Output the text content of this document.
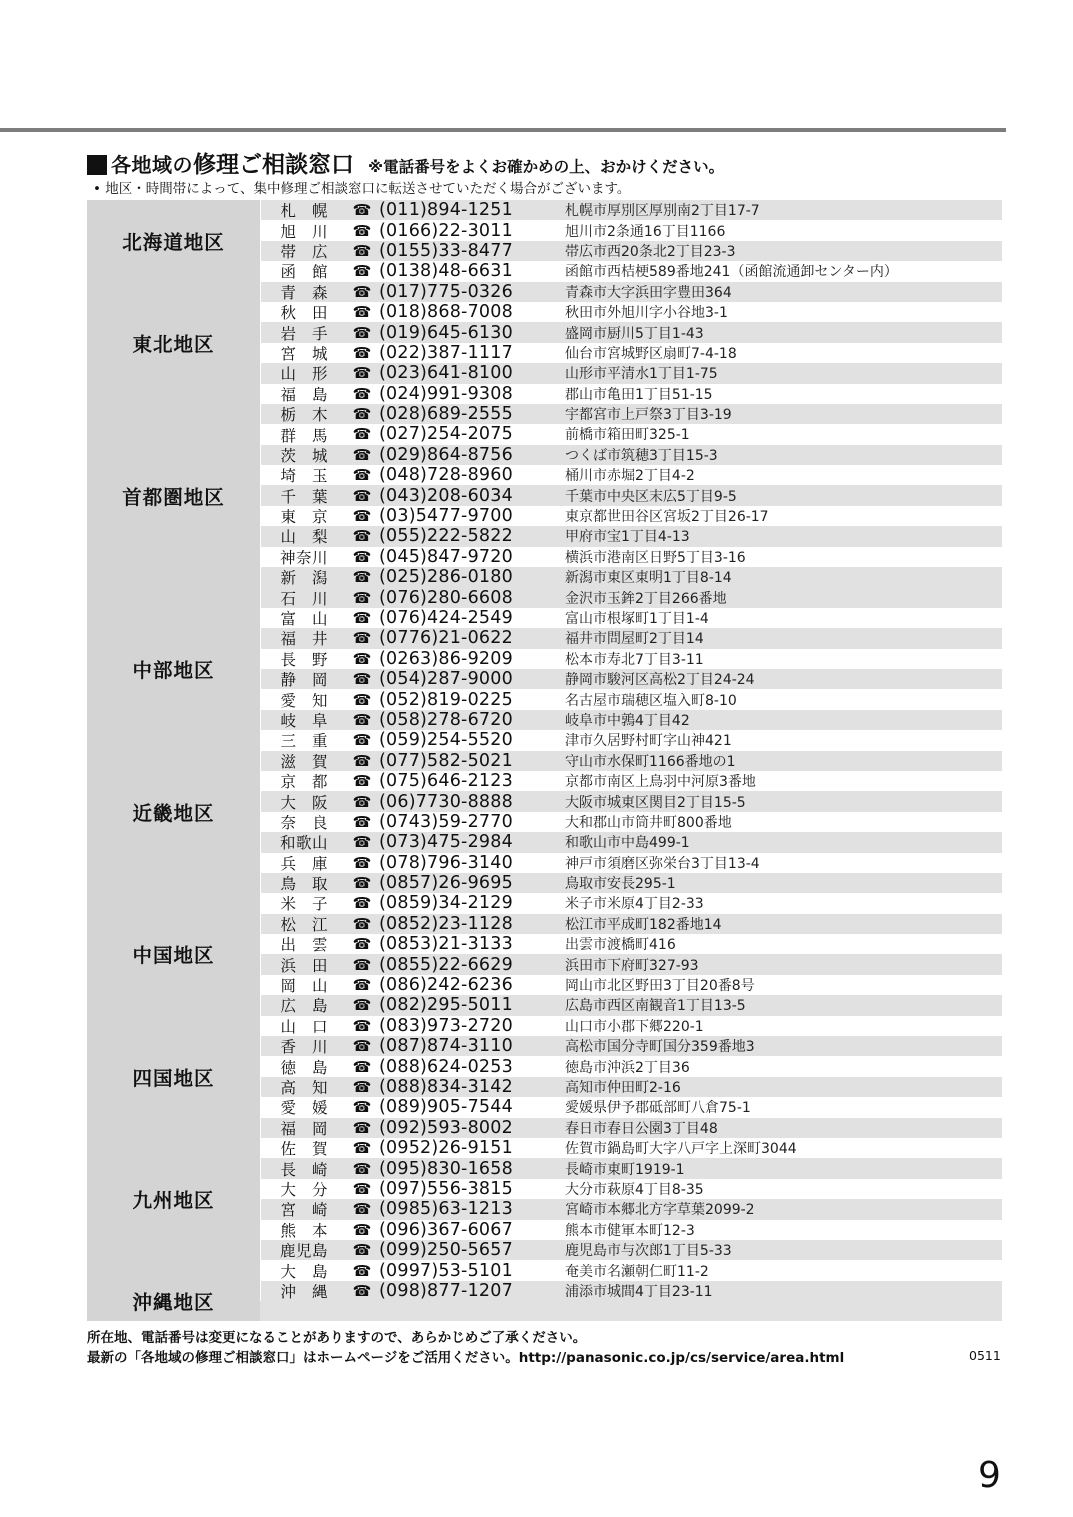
各地域の修理ご相談窓口 ※電話番号をよくお確かめの上、おかけください。
• 地区・時間帯によって、集中修理ご相談窓口に転送させていただく場合がございます。
北海道地区
札幌 ☎ (011)894-1251	札幌市厚別区厚別南2丁目17-7
旭川 ☎ (0166)22-3011	旭川市2条通16丁目1166
帯広 ☎ (0155)33-8477	帯広市西20条北2丁目23-3
函館 ☎ (0138)48-6631	函館市西桔梗589番地241（函館流通卸センター内）
東北地区
青森 ☎ (017)775-0326	青森市大字浜田字豊田364
秋田 ☎ (018)868-7008	秋田市外旭川字小谷地3-1
岩手 ☎ (019)645-6130	盛岡市厨川5丁目1-43
宮城 ☎ (022)387-1117	仙台市宮城野区扇町7-4-18
山形 ☎ (023)641-8100	山形市平清水1丁目1-75
福島 ☎ (024)991-9308	郡山市亀田1丁目51-15
首都圏地区
栃木 ☎ (028)689-2555	宇都宮市上戸祭3丁目3-19
群馬 ☎ (027)254-2075	前橋市箱田町325-1
茨城 ☎ (029)864-8756	つくば市筑穂3丁目15-3
埼玉 ☎ (048)728-8960	桶川市赤堀2丁目4-2
千葉 ☎ (043)208-6034	千葉市中央区末広5丁目9-5
東京 ☎ (03)5477-9700	東京都世田谷区宮坂2丁目26-17
山梨 ☎ (055)222-5822	甲府市宝1丁目4-13
神奈川	☎ (045)847-9720	横浜市港南区日野5丁目3-16
新潟 ☎ (025)286-0180	新潟市東区東明1丁目8-14
中部地区
石川 ☎ (076)280-6608	金沢市玉鉾2丁目266番地
富山 ☎ (076)424-2549	富山市根塚町1丁目1-4
福井 ☎ (0776)21-0622	福井市問屋町2丁目14
長野 ☎ (0263)86-9209	松本市寿北7丁目3-11
静岡 ☎ (054)287-9000	静岡市駿河区高松2丁目24-24
愛知 ☎ (052)819-0225	名古屋市瑞穂区塩入町8-10
岐阜 ☎ (058)278-6720	岐阜市中鶉4丁目42
三重 ☎ (059)254-5520	津市久居野村町字山神421
近畿地区
滋賀 ☎ (077)582-5021	守山市水保町1166番地の1
京都 ☎ (075)646-2123	京都市南区上鳥羽中河原3番地
大阪 ☎ (06)7730-8888	大阪市城東区関目2丁目15-5
奈良 ☎ (0743)59-2770	大和郡山市筒井町800番地
和歌山	☎ (073)475-2984	和歌山市中島499-1
兵庫 ☎ (078)796-3140	神戸市須磨区弥栄台3丁目13-4
中国地区
鳥取 ☎ (0857)26-9695	鳥取市安長295-1
米子 ☎ (0859)34-2129	米子市米原4丁目2-33
松江 ☎ (0852)23-1128	松江市平成町182番地14
出雲 ☎ (0853)21-3133	出雲市渡橋町416
浜田 ☎ (0855)22-6629	浜田市下府町327-93
岡山 ☎ (086)242-6236	岡山市北区野田3丁目20番8号
広島 ☎ (082)295-5011	広島市西区南観音1丁目13-5
山口 ☎ (083)973-2720	山口市小郡下郷220-1
四国地区
香川 ☎ (087)874-3110	高松市国分寺町国分359番地3
徳島 ☎ (088)624-0253	徳島市沖浜2丁目36
高知 ☎ (088)834-3142	高知市仲田町2-16
愛媛 ☎ (089)905-7544	愛媛県伊予郡砥部町八倉75-1
九州地区
福岡 ☎ (092)593-8002	春日市春日公園3丁目48
佐賀 ☎ (0952)26-9151	佐賀市鍋島町大字八戸字上深町3044
長崎 ☎ (095)830-1658	長崎市東町1919-1
大分 ☎ (097)556-3815	大分市萩原4丁目8-35
宮崎 ☎ (0985)63-1213	宮崎市本郷北方字草葉2099-2
熊本 ☎ (096)367-6067	熊本市健軍本町12-3
鹿児島	☎ (099)250-5657	鹿児島市与次郎1丁目5-33
大島 ☎ (0997)53-5101	奄美市名瀬朝仁町11-2
沖縄地区	沖縄 ☎ (098)877-1207	浦添市城間4丁目23-11
所在地、電話番号は変更になることがありますので、あらかじめご了承ください。
最新の「各地域の修理ご相談窓口」はホームページをご活用ください。http://panasonic.co.jp/cs/service/area.html	0511
9
